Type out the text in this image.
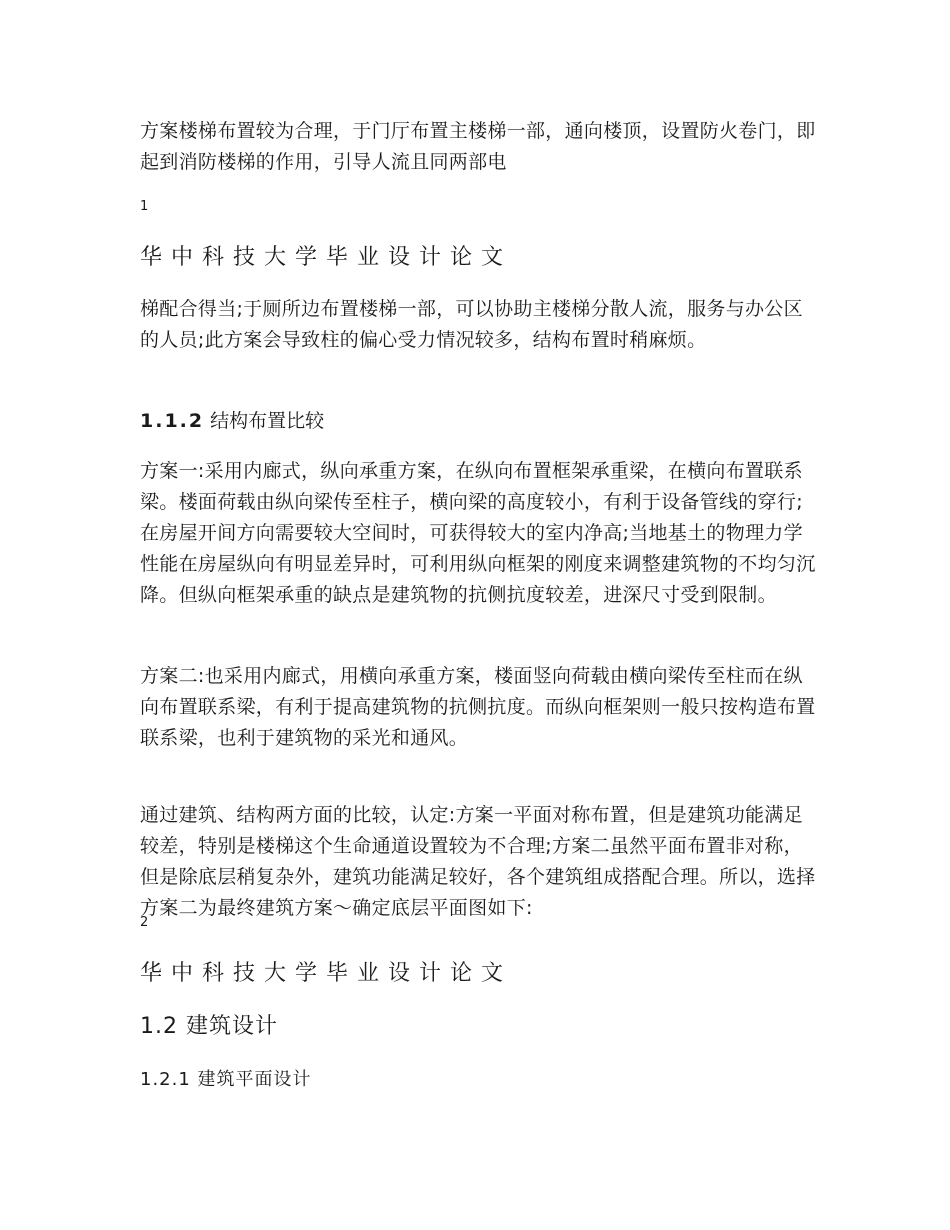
方案楼梯布置较为合理，于门厅布置主楼梯一部，通向楼顶，设置防火卷门，即起到消防楼梯的作用，引导人流且同两部电

1
华中科技大学毕业设计论文

梯配合得当;于厕所边布置楼梯一部，可以协助主楼梯分散人流，服务与办公区的人员;此方案会导致柱的偏心受力情况较多，结构布置时稍麻烦。

1.1.2 结构布置比较

方案一:采用内廊式，纵向承重方案，在纵向布置框架承重梁，在横向布置联系梁。楼面荷载由纵向梁传至柱子，横向梁的高度较小，有利于设备管线的穿行;在房屋开间方向需要较大空间时，可获得较大的室内净高;当地基土的物理力学性能在房屋纵向有明显差异时，可利用纵向框架的刚度来调整建筑物的不均匀沉降。但纵向框架承重的缺点是建筑物的抗侧抗度较差，进深尺寸受到限制。

方案二:也采用内廊式，用横向承重方案，楼面竖向荷载由横向梁传至柱而在纵向布置联系梁，有利于提高建筑物的抗侧抗度。而纵向框架则一般只按构造布置联系梁，也利于建筑物的采光和通风。

通过建筑、结构两方面的比较，认定:方案一平面对称布置，但是建筑功能满足较差，特别是楼梯这个生命通道设置较为不合理;方案二虽然平面布置非对称，但是除底层稍复杂外，建筑功能满足较好，各个建筑组成搭配合理。所以，选择方案二为最终建筑方案～确定底层平面图如下:

2
华中科技大学毕业设计论文
1.2 建筑设计
1.2.1 建筑平面设计
